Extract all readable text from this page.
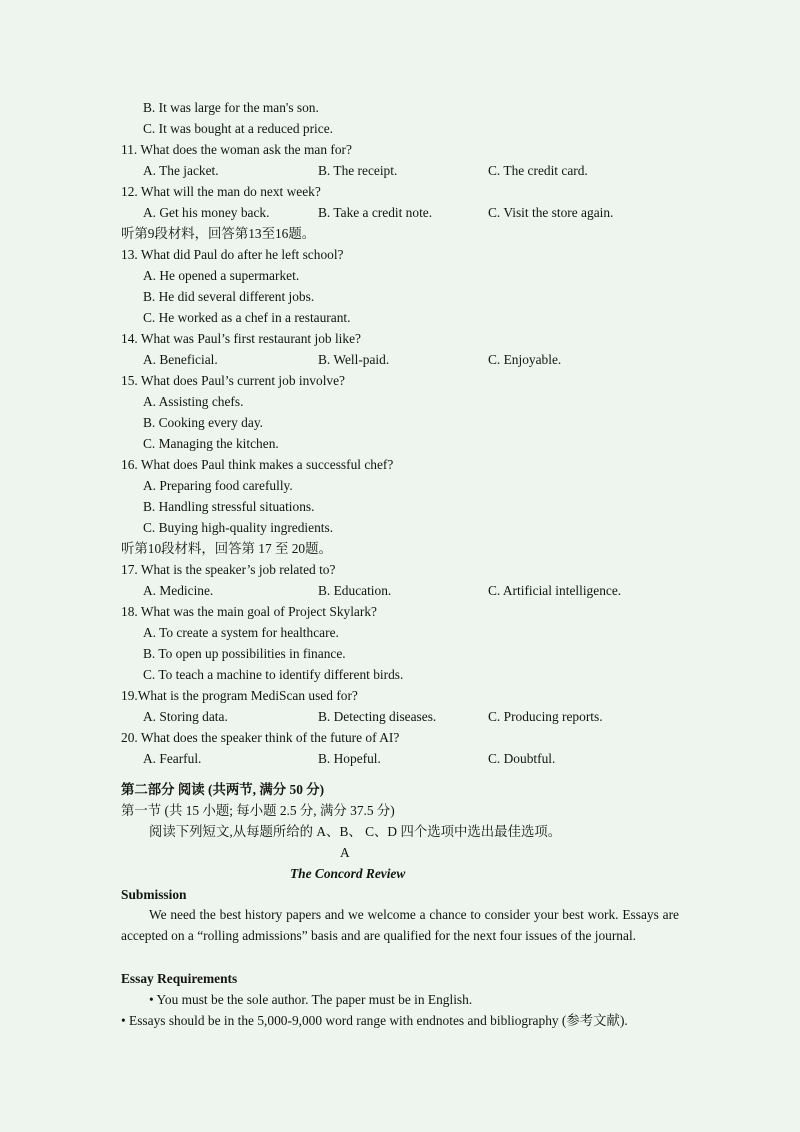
B. It was large for the man's son.
C. It was bought at a reduced price.
11. What does the woman ask the man for?
A. The jacket.	B. The receipt.	C. The credit card.
12. What will the man do next week?
A. Get his money back.	B. Take a credit note.	C. Visit the store again.
听第9段材料，回答第13至16题。
13. What did Paul do after he left school?
A. He opened a supermarket.
B. He did several different jobs.
C. He worked as a chef in a restaurant.
14. What was Paul’s first restaurant job like?
A. Beneficial.	B. Well-paid.	C. Enjoyable.
15. What does Paul’s current job involve?
A. Assisting chefs.
B. Cooking every day.
C. Managing the kitchen.
16. What does Paul think makes a successful chef?
A. Preparing food carefully.
B. Handling stressful situations.
C. Buying high-quality ingredients.
听第10段材料，回答第 17 至 20题。
17. What is the speaker’s job related to?
A. Medicine.	B. Education.	C. Artificial intelligence.
18. What was the main goal of Project Skylark?
A. To create a system for healthcare.
B. To open up possibilities in finance.
C. To teach a machine to identify different birds.
19.What is the program MediScan used for?
A. Storing data.	B. Detecting diseases.	C. Producing reports.
20. What does the speaker think of the future of AI?
A. Fearful.	B. Hopeful.	C. Doubtful.
第二部分 阅读 (共两节, 满分 50 分)
第一节 (共 15 小题; 每小题 2.5 分, 满分 37.5 分)
阅读下列短文,从每题所给的 A、B、 C、D 四个选项中选出最佳选项。
A
The Concord Review
Submission

We need the best history papers and we welcome a chance to consider your best work. Essays are accepted on a “rolling admissions” basis and are qualified for the next four issues of the journal.

Essay Requirements
• You must be the sole author. The paper must be in English.
• Essays should be in the 5,000-9,000 word range with endnotes and bibliography (参考文献).
